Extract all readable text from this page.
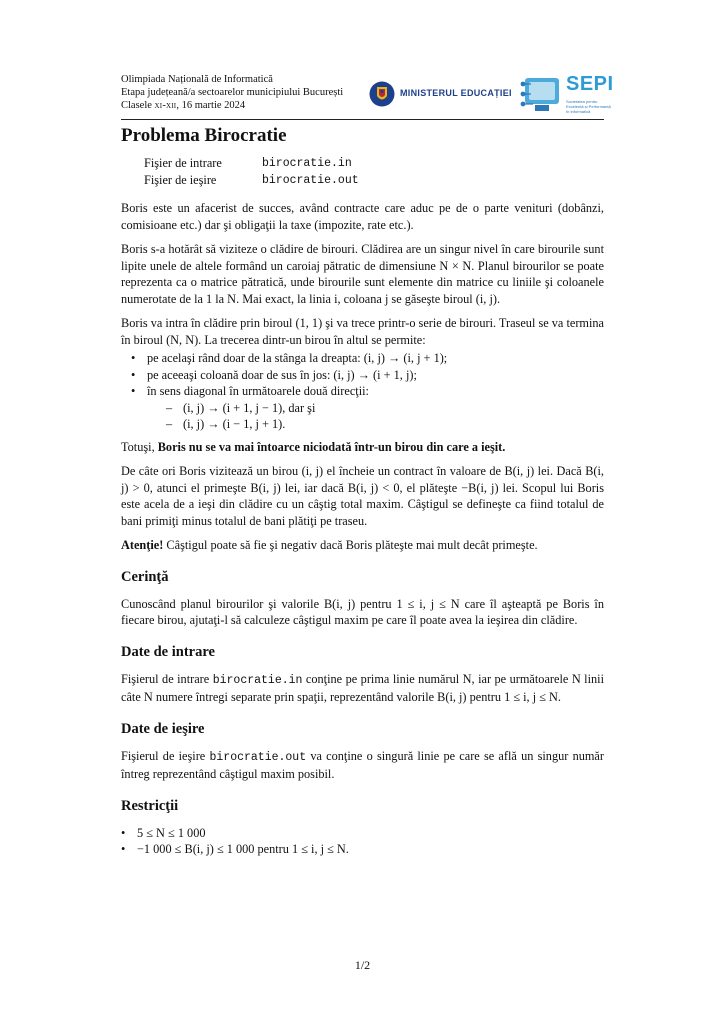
Olimpiada Națională de Informatică
Etapa județeană/a sectoarelor municipiului București
Clasele xi-xii, 16 martie 2024
MINISTERUL EDUCAȚIEI	SEPI
Societatea pentru Excelență și Performanță în Informatică
Problema Birocratie
Fişier de intrare	birocratie.in
Fişier de ieşire	birocratie.out

Boris este un afacerist de succes, având contracte care aduc pe de o parte venituri (dobânzi, comisioane etc.) dar şi obligaţii la taxe (impozite, rate etc.).

Boris s-a hotărât să viziteze o clădire de birouri. Clădirea are un singur nivel în care birourile sunt lipite unele de altele formând un caroiaj pătratic de dimensiune N × N. Planul birourilor se poate reprezenta ca o matrice pătratică, unde birourile sunt elemente din matrice cu liniile şi coloanele numerotate de la 1 la N. Mai exact, la linia i, coloana j se găseşte biroul (i, j).

Boris va intra în clădire prin biroul (1, 1) şi va trece printr-o serie de birouri. Traseul se va termina în biroul (N, N). La trecerea dintr-un birou în altul se permite:

• pe acelaşi rând doar de la stânga la dreapta: (i, j) → (i, j + 1);
• pe aceeaşi coloană doar de sus în jos: (i, j) → (i + 1, j);
• în sens diagonal în următoarele două direcţii:
– (i, j) → (i + 1, j − 1), dar şi
– (i, j) → (i − 1, j + 1).

Totuşi, Boris nu se va mai întoarce niciodată într-un birou din care a ieşit.

De câte ori Boris vizitează un birou (i, j) el încheie un contract în valoare de B(i, j) lei. Dacă B(i, j) > 0, atunci el primeşte B(i, j) lei, iar dacă B(i, j) < 0, el plăteşte −B(i, j) lei. Scopul lui Boris este acela de a ieşi din clădire cu un câştig total maxim. Câştigul se defineşte ca fiind totalul de bani primiţi minus totalul de bani plătiţi pe traseu.

Atenţie! Câştigul poate să fie şi negativ dacă Boris plăteşte mai mult decât primeşte.

Cerinţă

Cunoscând planul birourilor şi valorile B(i, j) pentru 1 ≤ i, j ≤ N care îl aşteaptă pe Boris în fiecare birou, ajutaţi-l să calculeze câştigul maxim pe care îl poate avea la ieşirea din clădire.

Date de intrare

Fişierul de intrare birocratie.in conţine pe prima linie numărul N, iar pe următoarele N linii câte N numere întregi separate prin spaţii, reprezentând valorile B(i, j) pentru 1 ≤ i, j ≤ N.

Date de ieşire

Fişierul de ieşire birocratie.out va conţine o singură linie pe care se află un singur număr întreg reprezentând câştigul maxim posibil.

Restricţii
• 5 ≤ N ≤ 1 000
• −1 000 ≤ B(i, j) ≤ 1 000 pentru 1 ≤ i, j ≤ N.
1/2
